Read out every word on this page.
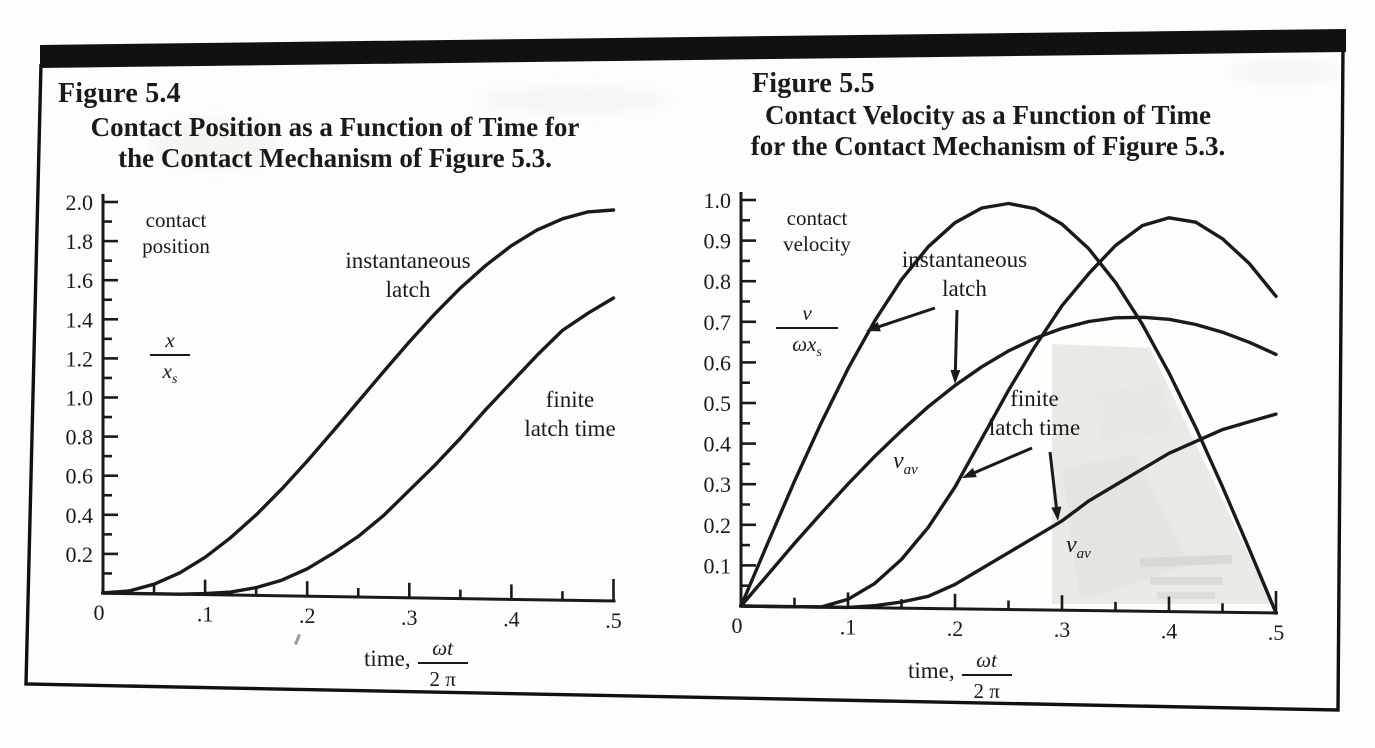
2.0
1.8
1.6
1.4
1.2
1.0
0.8
0.6
0.4
0.2
0	.1	.2	.3	.4	.5
1.0
0.9
0.8
0.7
0.6
0.5
0.4
0.3
0.2
0.1
0	.1	.2	.3	.4	.5
Figure 5.4
Contact Position as a Function of Time for
the Contact Mechanism of Figure 5.3.
contact
position
x
$x_s$
instantaneous
latch
finite
latch time
time, $\frac{\omega t}{2 \pi}$
Figure 5.5
Contact Velocity as a Function of Time
for the Contact Mechanism of Figure 5.3.
contact
velocity
v
$\omega x_s$
instantaneous
latch
finite
latch time
$v_{av}$
$v_{av}$
time, $\frac{\omega t}{2 \pi}$
